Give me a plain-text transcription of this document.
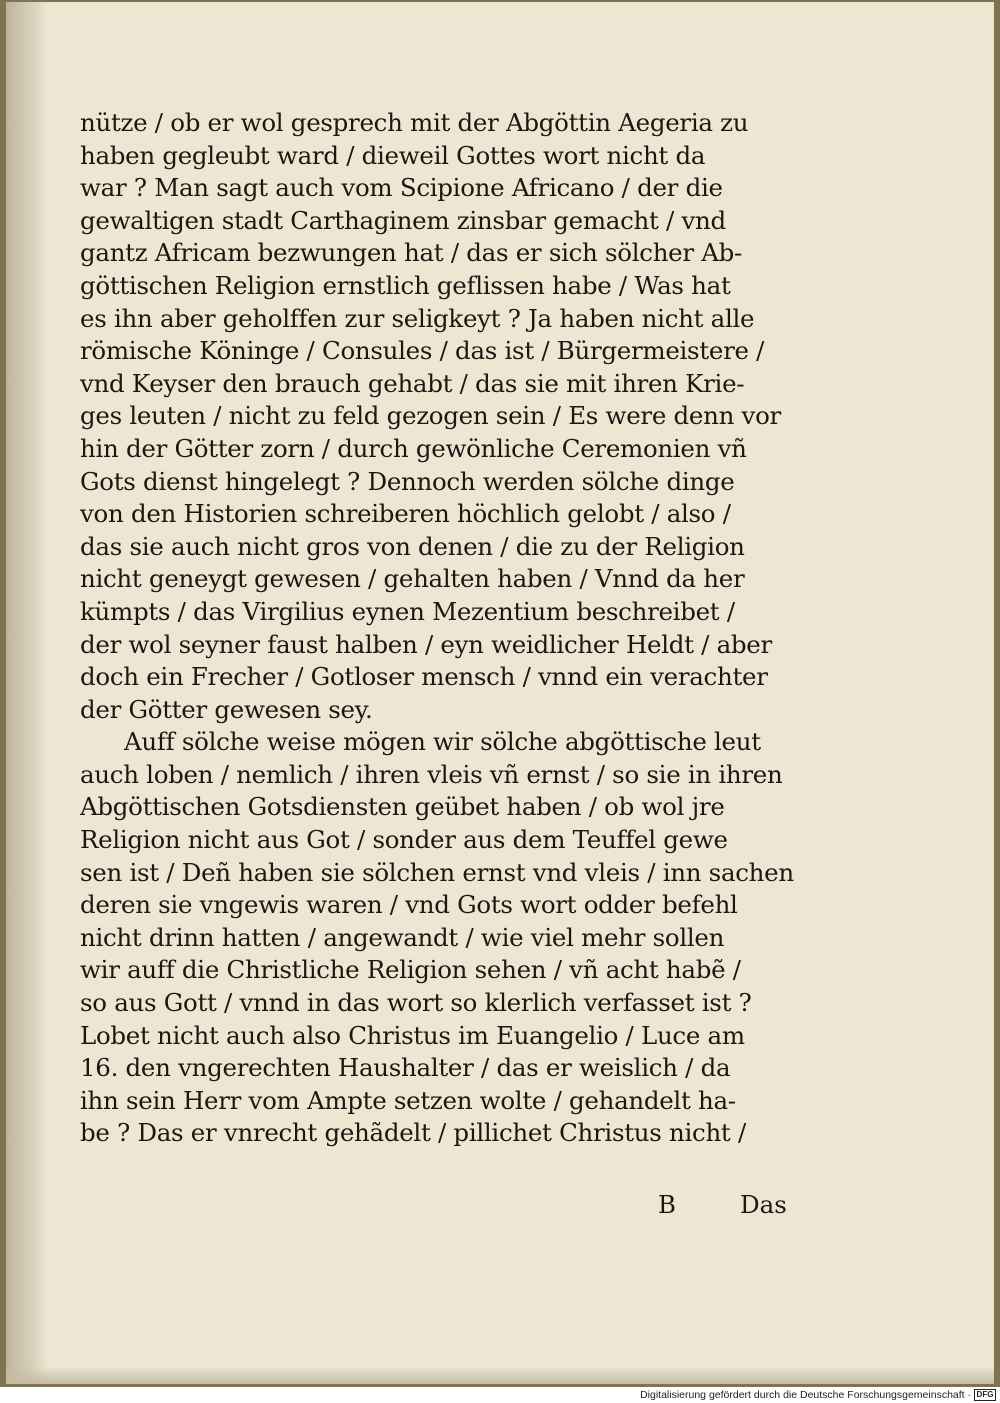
nütze / ob er wol gesprech mit der Abgöttin Aegeria zu
haben gegleubt ward / dieweil Gottes wort nicht da
war ? Man sagt auch vom Scipione Africano / der die
gewaltigen stadt Carthaginem zinsbar gemacht / vnd
gantz Africam bezwungen hat / das er sich sölcher Ab-
göttischen Religion ernstlich geflissen habe / Was hat
es ihn aber geholffen zur seligkeyt ? Ja haben nicht alle
römische Köninge / Consules / das ist / Bürgermeistere /
vnd Keyser den brauch gehabt / das sie mit ihren Krie-
ges leuten / nicht zu feld gezogen sein / Es were denn vor
hin der Götter zorn / durch gewönliche Ceremonien vñ
Gots dienst hingelegt ? Dennoch werden sölche dinge
von den Historien schreiberen höchlich gelobt / also /
das sie auch nicht gros von denen / die zu der Religion
nicht geneygt gewesen / gehalten haben / Vnnd da her
kümpts / das Virgilius eynen Mezentium beschreibet /
der wol seyner faust halben / eyn weidlicher Heldt / aber
doch ein Frecher / Gotloser mensch / vnnd ein verachter
der Götter gewesen sey.
Auff sölche weise mögen wir sölche abgöttische leut
auch loben / nemlich / ihren vleis vñ ernst / so sie in ihren
Abgöttischen Gotsdiensten geübet haben / ob wol jre
Religion nicht aus Got / sonder aus dem Teuffel gewe
sen ist / Deñ haben sie sölchen ernst vnd vleis / inn sachen
deren sie vngewis waren / vnd Gots wort odder befehl
nicht drinn hatten / angewandt / wie viel mehr sollen
wir auff die Christliche Religion sehen / vñ acht habẽ /
so aus Gott / vnnd in das wort so klerlich verfasset ist ?
Lobet nicht auch also Christus im Euangelio / Luce am
16. den vngerechten Haushalter / das er weislich / da
ihn sein Herr vom Ampte setzen wolte / gehandelt ha-
be ? Das er vnrecht gehãdelt / pillichet Christus nicht /
B	Das
Digitalisierung gefördert durch die Deutsche Forschungsgemeinschaft · DFG
